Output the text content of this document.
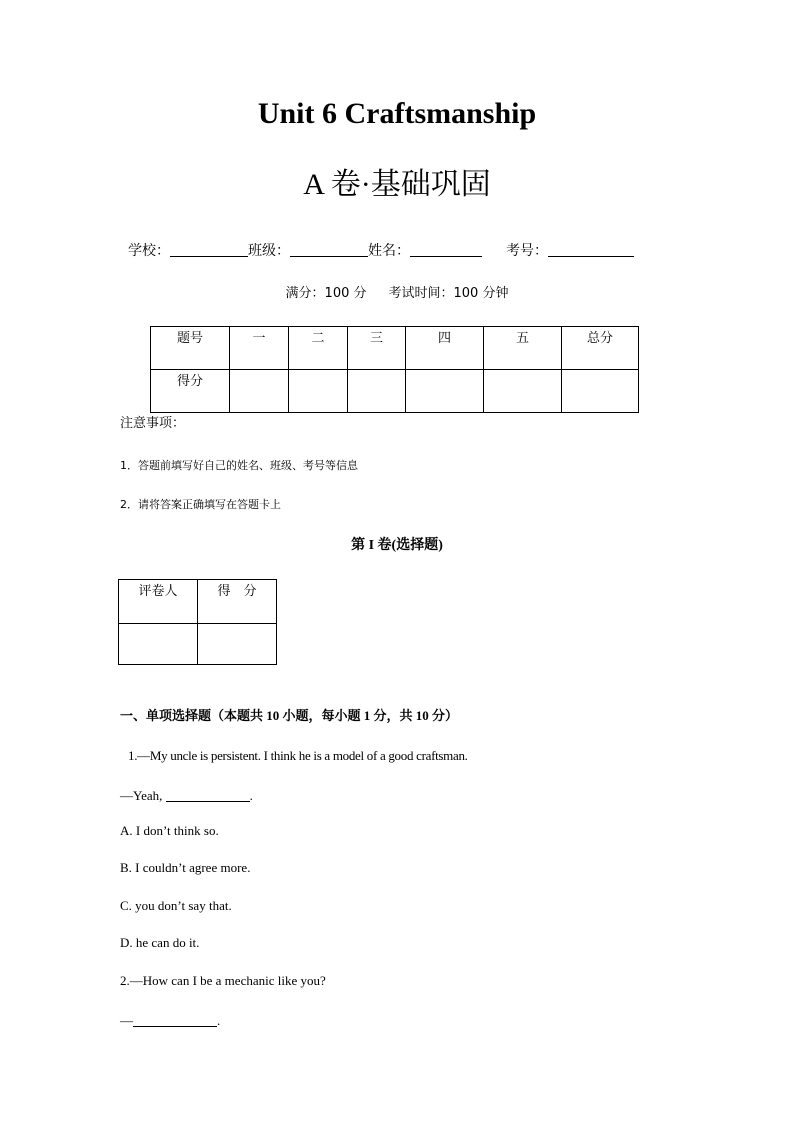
Unit 6 Craftsmanship
A 卷·基础巩固
学校：	班级：	姓名：	考号：
满分：100 分 考试时间：100 分钟
题号	一	二	三	四	五	总分
得分						
注意事项：
1．答题前填写好自己的姓名、班级、考号等信息
2．请将答案正确填写在答题卡上
第 I 卷(选择题)
评卷人	得　分

一、单项选择题（本题共 10 小题，每小题 1 分，共 10 分）
1.—My uncle is persistent. I think he is a model of a good craftsman.
—Yeah,	.
A. I don’t think so.
B. I couldn’t agree more.
C. you don’t say that.
D. he can do it.
2.—How can I be a mechanic like you?
—	.
